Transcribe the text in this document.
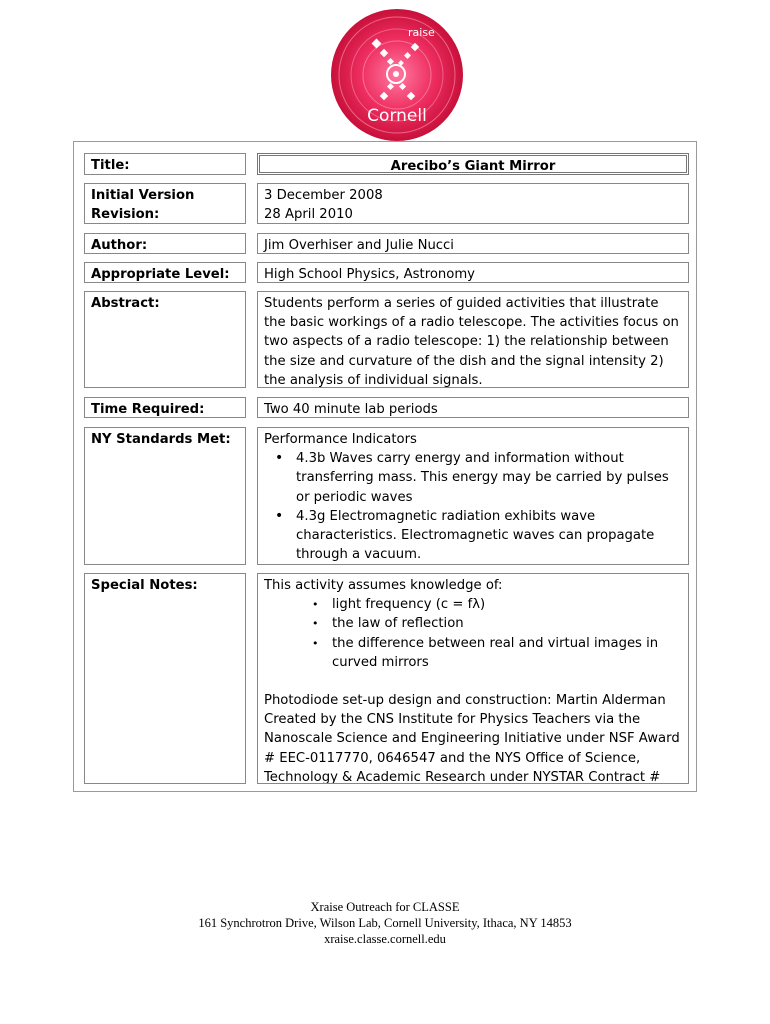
raise
Cornell
Title:	Arecibo’s Giant Mirror
Initial Version Revision:
3 December 2008
28 April 2010
Author:	Jim Overhiser and Julie Nucci
Appropriate Level:	High School Physics, Astronomy
Abstract:	Students perform a series of guided activities that illustrate the basic workings of a radio telescope. The activities focus on two aspects of a radio telescope: 1) the relationship between the size and curvature of the dish and the signal intensity 2) the analysis of individual signals.
Time Required:	Two 40 minute lab periods
NY Standards Met:	Performance Indicators
• 4.3b Waves carry energy and information without transferring mass. This energy may be carried by pulses or periodic waves
• 4.3g Electromagnetic radiation exhibits wave characteristics. Electromagnetic waves can propagate through a vacuum.
•
Special Notes:	This activity assumes knowledge of:
• light frequency (c = fλ)
• the law of reflection
• the difference between real and virtual images in curved mirrors
Photodiode set-up design and construction: Martin Alderman Created by the CNS Institute for Physics Teachers via the Nanoscale Science and Engineering Initiative under NSF Award # EEC-0117770, 0646547 and the NYS Office of Science, Technology & Academic Research under NYSTAR Contract #
Xraise Outreach for CLASSE
161 Synchrotron Drive, Wilson Lab, Cornell University, Ithaca, NY 14853
xraise.classe.cornell.edu
